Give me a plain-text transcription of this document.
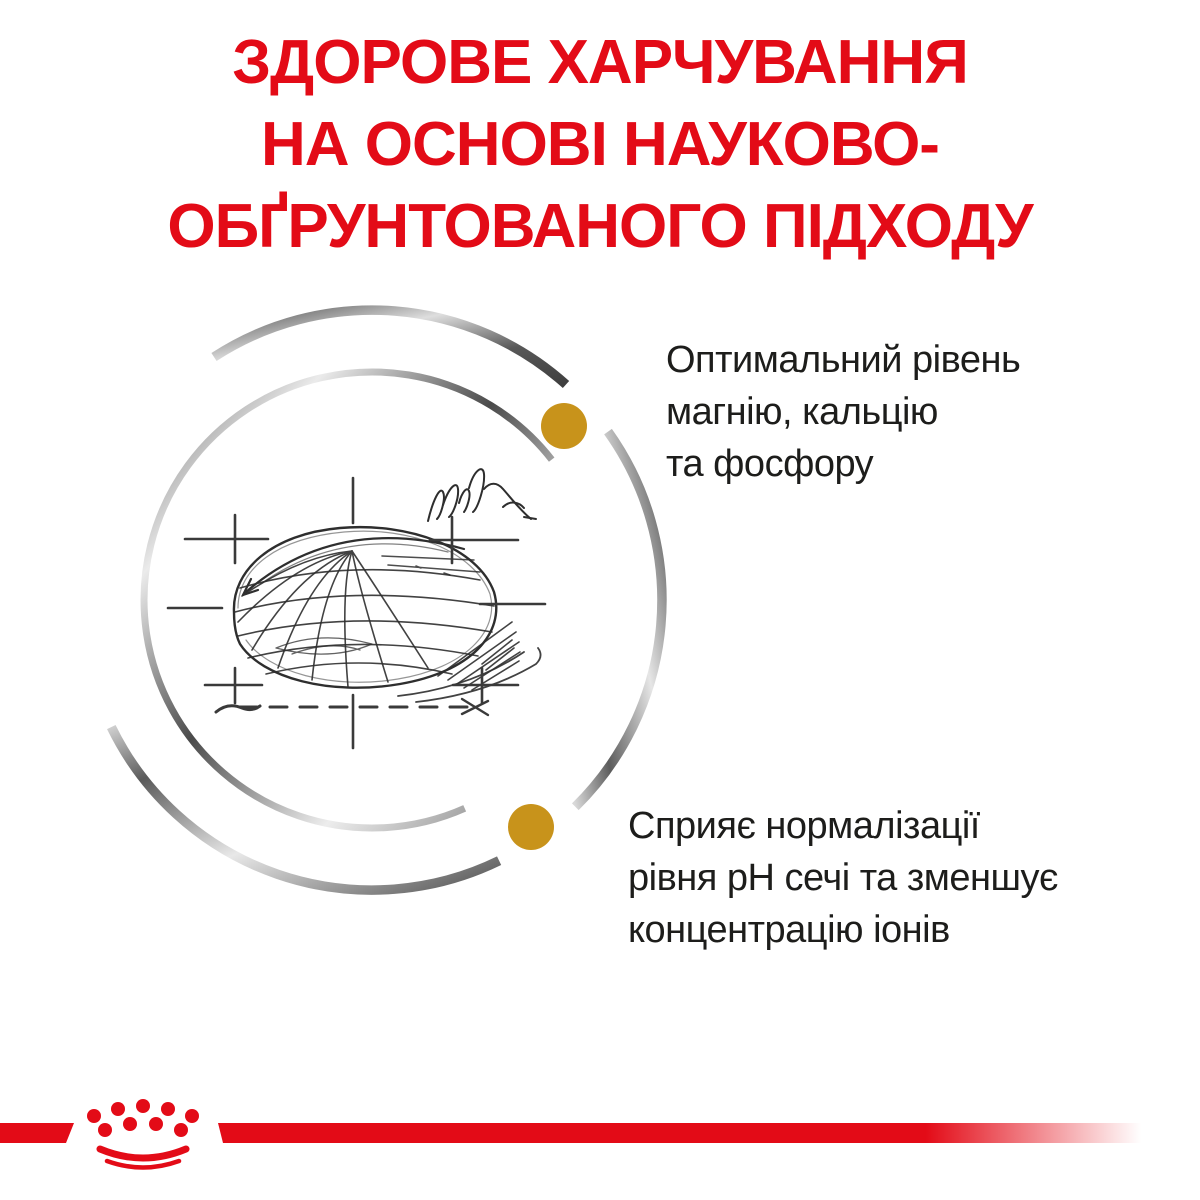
ЗДОРОВЕ ХАРЧУВАННЯ
НА ОСНОВІ НАУКОВО-
ОБҐРУНТОВАНОГО ПІДХОДУ
Оптимальний рівень
магнію, кальцію
та фосфору
Сприяє нормалізації
рівня pH сечі та зменшує
концентрацію іонів
